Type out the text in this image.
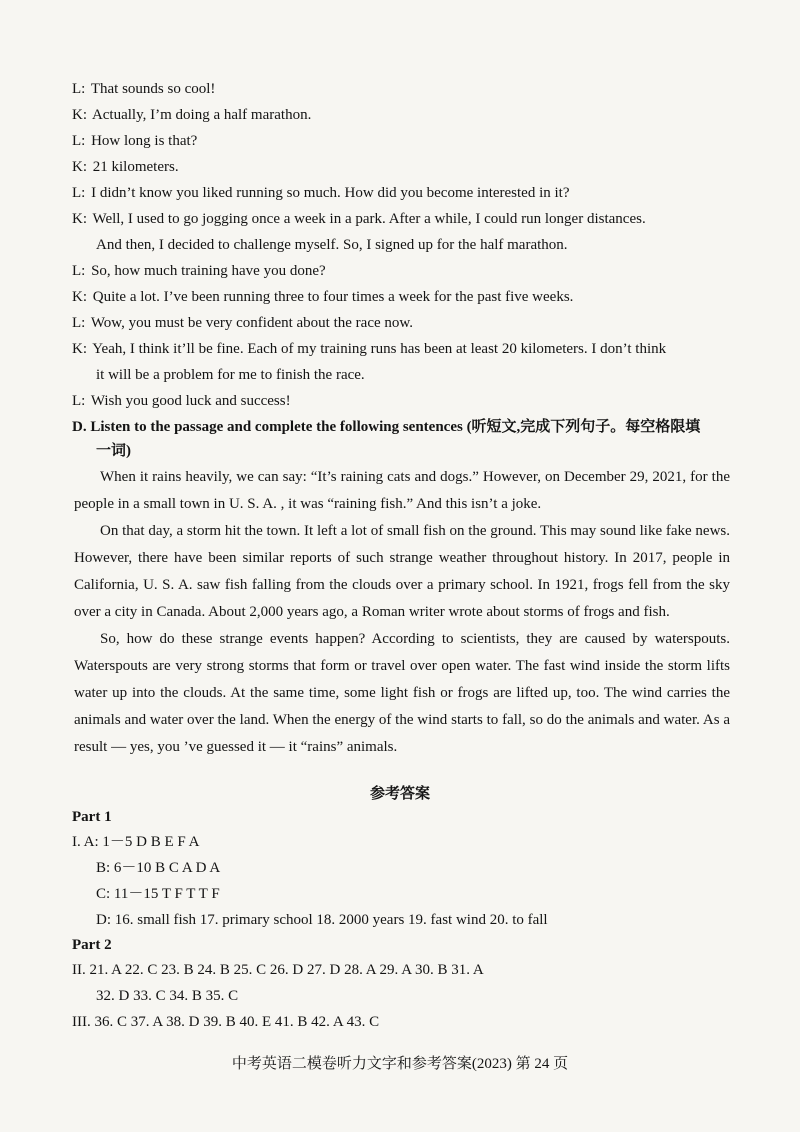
L: That sounds so cool!
K: Actually, I’m doing a half marathon.
L: How long is that?
K: 21 kilometers.
L: I didn’t know you liked running so much. How did you become interested in it?
K: Well, I used to go jogging once a week in a park. After a while, I could run longer distances.
And then, I decided to challenge myself. So, I signed up for the half marathon.
L: So, how much training have you done?
K: Quite a lot. I’ve been running three to four times a week for the past five weeks.
L: Wow, you must be very confident about the race now.
K: Yeah, I think it’ll be fine. Each of my training runs has been at least 20 kilometers. I don’t think
it will be a problem for me to finish the race.
L: Wish you good luck and success!
D. Listen to the passage and complete the following sentences (听短文,完成下列句子。每空格限填
一词)

When it rains heavily, we can say: “It’s raining cats and dogs.” However, on December 29, 2021, for the people in a small town in U. S. A. , it was “raining fish.” And this isn’t a joke.

On that day, a storm hit the town. It left a lot of small fish on the ground. This may sound like fake news. However, there have been similar reports of such strange weather throughout history. In 2017, people in California, U. S. A. saw fish falling from the clouds over a primary school. In 1921, frogs fell from the sky over a city in Canada. About 2,000 years ago, a Roman writer wrote about storms of frogs and fish.

So, how do these strange events happen? According to scientists, they are caused by waterspouts. Waterspouts are very strong storms that form or travel over open water. The fast wind inside the storm lifts water up into the clouds. At the same time, some light fish or frogs are lifted up, too. The wind carries the animals and water over the land. When the energy of the wind starts to fall, so do the animals and water. As a result — yes, you ’ve guessed it — it “rains” animals.

参考答案
Part 1
I. A: 1－5 D B E F A
B: 6－10 B C A D A
C: 11－15 T F T T F
D: 16. small fish 17. primary school 18. 2000 years 19. fast wind 20. to fall
Part 2
II. 21. A 22. C 23. B 24. B 25. C 26. D 27. D 28. A 29. A 30. B 31. A
32. D 33. C 34. B 35. C
III. 36. C 37. A 38. D 39. B 40. E 41. B 42. A 43. C
中考英语二模卷听力文字和参考答案(2023) 第 24 页
